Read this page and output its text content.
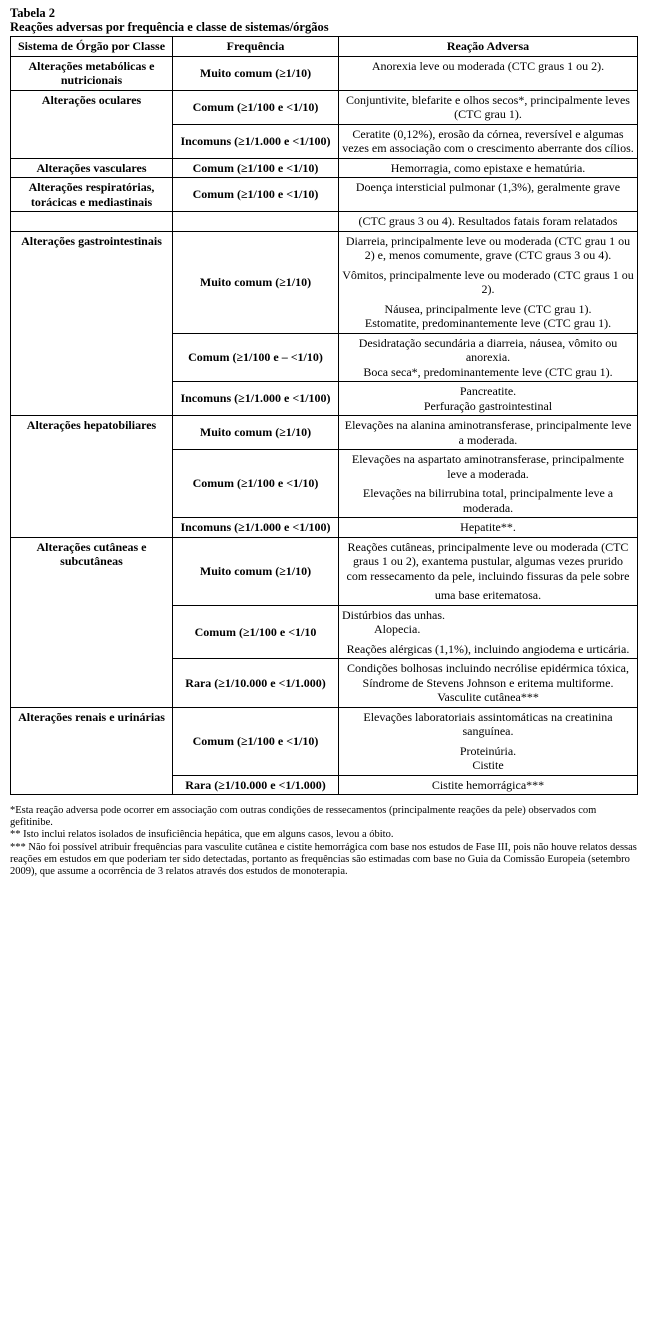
Tabela 2

Reações adversas por frequência e classe de sistemas/órgãos

Sistema de Órgão por Classe	Frequência	Reação Adversa
Alterações metabólicas e nutricionais	Muito comum (≥1/10)	Anorexia leve ou moderada (CTC graus 1 ou 2).

Alterações oculares	Comum (≥1/100 e <1/10)	Conjuntivite, blefarite e olhos secos*, principalmente leves
(CTC grau 1).

	Incomuns (≥1/1.000 e <1/100)	Ceratite (0,12%), erosão da córnea, reversível e algumas
vezes em associação com o crescimento aberrante dos cílios.

Alterações vasculares	Comum (≥1/100 e <1/10)	Hemorragia, como epistaxe e hematúria.

Alterações respiratórias, torácicas e mediastinais	Comum (≥1/100 e <1/10)	Doença intersticial pulmonar (1,3%), geralmente grave

		(CTC graus 3 ou 4). Resultados fatais foram relatados

Alterações gastrointestinais	Muito comum (≥1/10)	Diarreia, principalmente leve ou moderada (CTC grau 1 ou 2) e, menos comumente, grave (CTC graus 3 ou 4).
Vômitos, principalmente leve ou moderado (CTC graus 1 ou 2).
Náusea, principalmente leve (CTC grau 1).
Estomatite, predominantemente leve (CTC grau 1).

	Comum (≥1/100 e – <1/10)	Desidratação secundária a diarreia, náusea, vômito ou anorexia.
Boca seca*, predominantemente leve (CTC grau 1).

	Incomuns (≥1/1.000 e <1/100)	Pancreatite.
Perfuração gastrointestinal

Alterações hepatobiliares	Muito comum (≥1/10)	Elevações na alanina aminotransferase, principalmente leve
a moderada.

	Comum (≥1/100 e <1/10)	Elevações na aspartato aminotransferase, principalmente leve a moderada.
Elevações na bilirrubina total, principalmente leve a
moderada.

	Incomuns (≥1/1.000 e <1/100)	Hepatite**.

Alterações cutâneas e subcutâneas	Muito comum (≥1/10)	Reações cutâneas, principalmente leve ou moderada (CTC graus 1 ou 2), exantema pustular, algumas vezes prurido com ressecamento da pele, incluindo fissuras da pele sobre
uma base eritematosa.

	Comum (≥1/100 e <1/10	Distúrbios das unhas.
Alopecia.
Reações alérgicas (1,1%), incluindo angiodema e urticária.

	Rara (≥1/10.000 e <1/1.000)	Condições bolhosas incluindo necrólise epidérmica tóxica, Síndrome de Stevens Johnson e eritema multiforme.
Vasculite cutânea***

Alterações renais e urinárias	Comum (≥1/100 e <1/10)	Elevações laboratoriais assintomáticas na creatinina sanguínea.
Proteinúria.
Cistite

	Rara (≥1/10.000 e <1/1.000)	Cistite hemorrágica***

*Esta reação adversa pode ocorrer em associação com outras condições de ressecamentos (principalmente reações da pele) observados com gefitinibe.

** Isto inclui relatos isolados de insuficiência hepática, que em alguns casos, levou a óbito.

*** Não foi possível atribuir frequências para vasculite cutânea e cistite hemorrágica com base nos estudos de Fase III, pois não houve relatos dessas reações em estudos em que poderiam ter sido detectadas, portanto as frequências são estimadas com base no Guia da Comissão Europeia (setembro 2009), que assume a ocorrência de 3 relatos através dos estudos de monoterapia.
